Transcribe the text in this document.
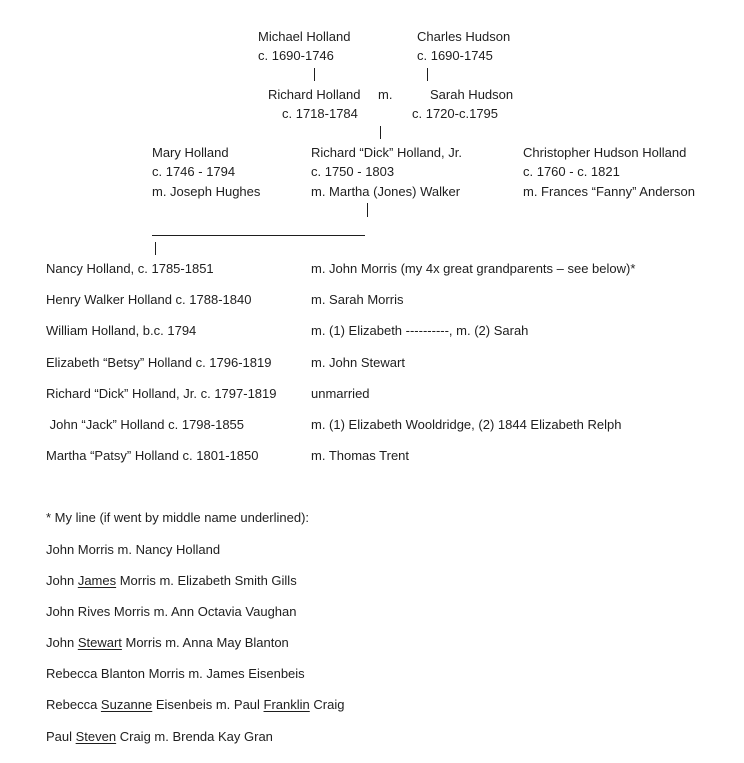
Michael Holland
c. 1690-1746
Charles Hudson
c. 1690-1745
Richard Holland
c. 1718-1784
m.	Sarah Hudson
c. 1720-c.1795
Mary Holland
c. 1746 - 1794
m. Joseph Hughes
Richard “Dick” Holland, Jr.
c. 1750 - 1803
m. Martha (Jones) Walker
Christopher Hudson Holland
c. 1760 - c. 1821
m. Frances “Fanny” Anderson
Nancy Holland, c. 1785-1851	m. John Morris (my 4x great grandparents – see below)*
Henry Walker Holland c. 1788-1840	m. Sarah Morris
William Holland, b.c. 1794	m. (1) Elizabeth ----------, m. (2) Sarah
Elizabeth “Betsy” Holland c. 1796-1819	m. John Stewart
Richard “Dick” Holland, Jr. c. 1797-1819	unmarried
John “Jack” Holland c. 1798-1855	m. (1) Elizabeth Wooldridge, (2) 1844 Elizabeth Relph
Martha “Patsy” Holland c. 1801-1850	m. Thomas Trent
* My line (if went by middle name underlined):
John Morris m. Nancy Holland
John James Morris m. Elizabeth Smith Gills
John Rives Morris m. Ann Octavia Vaughan
John Stewart Morris m. Anna May Blanton
Rebecca Blanton Morris m. James Eisenbeis
Rebecca Suzanne Eisenbeis m. Paul Franklin Craig
Paul Steven Craig m. Brenda Kay Gran
